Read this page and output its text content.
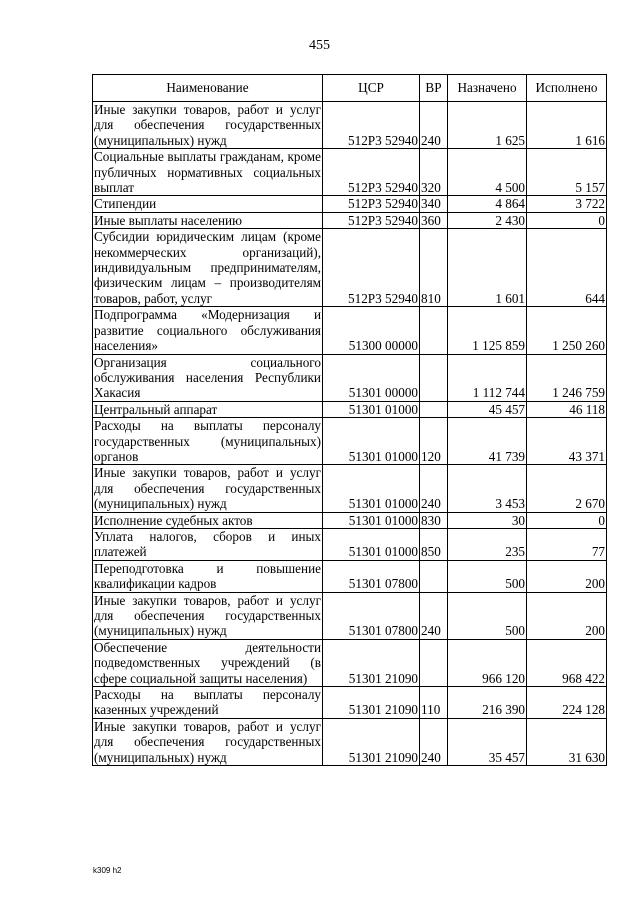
455
Наименование	ЦСР	ВР	Назначено	Исполнено
Иные закупки товаров, работ и услуг для обеспечения государственных (муниципальных) нужд	512Р3 52940	240	1 625	1 616
Социальные выплаты гражданам, кроме публичных нормативных социальных выплат	512Р3 52940	320	4 500	5 157
Стипендии	512Р3 52940	340	4 864	3 722
Иные выплаты населению	512Р3 52940	360	2 430	0
Субсидии юридическим лицам (кроме некоммерческих организаций), индивидуальным предпринимателям, физическим лицам – производителям товаров, работ, услуг	512Р3 52940	810	1 601	644
Подпрограмма «Модернизация и развитие социального обслуживания населения»	51300 00000		1 125 859	1 250 260
Организация социального обслуживания населения Республики Хакасия	51301 00000		1 112 744	1 246 759
Центральный аппарат	51301 01000		45 457	46 118
Расходы на выплаты персоналу государственных (муниципальных) органов	51301 01000	120	41 739	43 371
Иные закупки товаров, работ и услуг для обеспечения государственных (муниципальных) нужд	51301 01000	240	3 453	2 670
Исполнение судебных актов	51301 01000	830	30	0
Уплата налогов, сборов и иных платежей	51301 01000	850	235	77
Переподготовка и повышение квалификации кадров	51301 07800		500	200
Иные закупки товаров, работ и услуг для обеспечения государственных (муниципальных) нужд	51301 07800	240	500	200
Обеспечение деятельности подведомственных учреждений (в сфере социальной защиты населения)	51301 21090		966 120	968 422
Расходы на выплаты персоналу казенных учреждений	51301 21090	110	216 390	224 128
Иные закупки товаров, работ и услуг для обеспечения государственных (муниципальных) нужд	51301 21090	240	35 457	31 630
k309 h2
